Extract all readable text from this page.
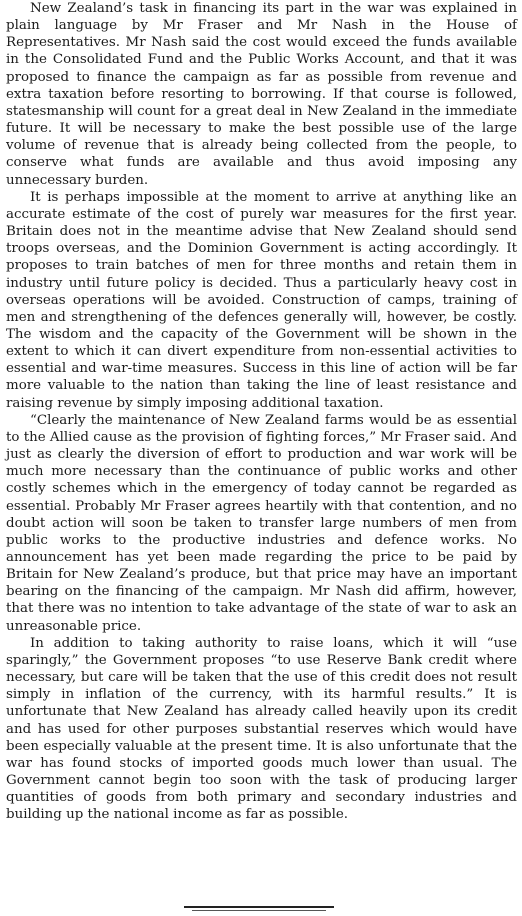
New Zealand’s task in financing its part in the war was explained in plain language by Mr Fraser and Mr Nash in the House of Representatives. Mr Nash said the cost would exceed the funds available in the Consolidated Fund and the Public Works Account, and that it was proposed to finance the campaign as far as possible from revenue and extra taxation before resorting to borrowing. If that course is followed, statesmanship will count for a great deal in New Zealand in the immediate future. It will be necessary to make the best possible use of the large volume of revenue that is already being collected from the people, to conserve what funds are available and thus avoid imposing any unnecessary burden.

It is perhaps impossible at the moment to arrive at anything like an accurate estimate of the cost of purely war measures for the first year. Britain does not in the meantime advise that New Zealand should send troops overseas, and the Dominion Government is acting accordingly. It proposes to train batches of men for three months and retain them in industry until future policy is decided. Thus a particularly heavy cost in overseas operations will be avoided. Construction of camps, training of men and strengthening of the defences generally will, however, be costly. The wisdom and the capacity of the Government will be shown in the extent to which it can divert expenditure from non-essential activities to essential and war-time measures. Success in this line of action will be far more valuable to the nation than taking the line of least resistance and raising revenue by simply imposing additional taxation.

“Clearly the maintenance of New Zealand farms would be as essential to the Allied cause as the provision of fighting forces,” Mr Fraser said. And just as clearly the diversion of effort to production and war work will be much more necessary than the continuance of public works and other costly schemes which in the emergency of today cannot be regarded as essential. Probably Mr Fraser agrees heartily with that contention, and no doubt action will soon be taken to transfer large numbers of men from public works to the productive industries and defence works. No announcement has yet been made regarding the price to be paid by Britain for New Zealand’s produce, but that price may have an important bearing on the financing of the campaign. Mr Nash did affirm, however, that there was no intention to take advantage of the state of war to ask an unreasonable price.

In addition to taking authority to raise loans, which it will “use sparingly,” the Government proposes “to use Reserve Bank credit where necessary, but care will be taken that the use of this credit does not result simply in inflation of the currency, with its harmful results.” It is unfortunate that New Zealand has already called heavily upon its credit and has used for other purposes substantial reserves which would have been especially valuable at the present time. It is also unfortunate that the war has found stocks of imported goods much lower than usual. The Government cannot begin too soon with the task of producing larger quantities of goods from both primary and secondary industries and building up the national income as far as possible.
